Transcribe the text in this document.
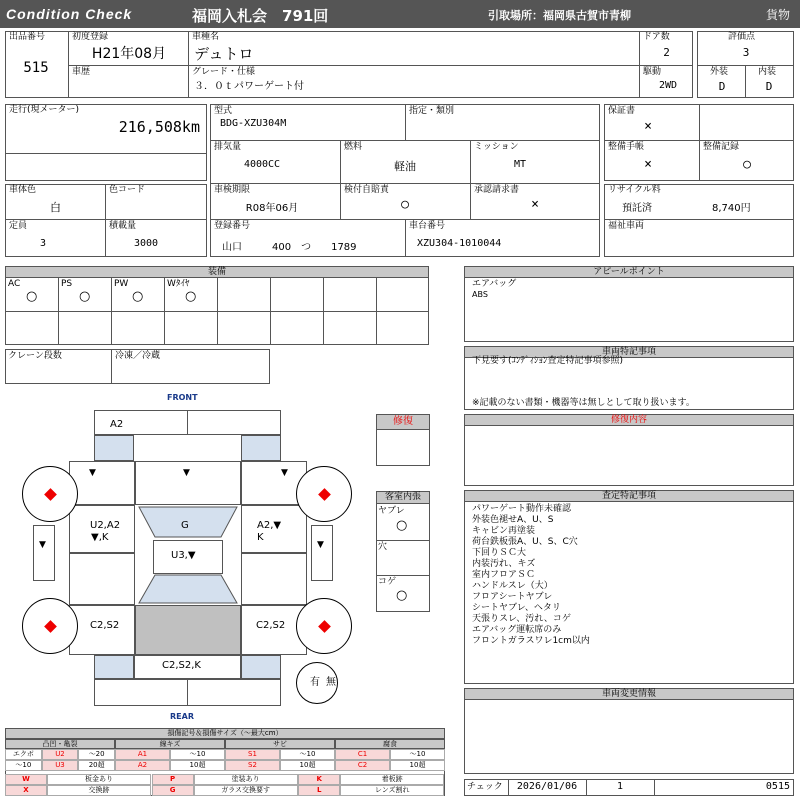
Condition Check	福岡入札会　791回	引取場所：福岡県古賀市青柳	貨物
出品番号
515
初度登録
H21年08月
車種名
デュトロ
ドア数
2
評価点
3
車歴	グレード・仕様
３．０ｔパワーゲート付
駆動
2WD
外装
D
内装
D
走行(現メーター)
216,508km
型式
BDG-XZU304M
指定・類別
排気量
4000CC
燃料
軽油
ミッション
MT
車検期限
R08年06月
検付自賠責
○
承認請求書
×
登録番号
山口　　　400　つ　　1789
車台番号
XZU304-1010044
車体色
白
色コード
定員
3
積載量
3000
保証書
×
整備手帳
×
整備記録
○
リサイクル料
預託済	8,740円
福祉車両
装備
AC
○
PS
○
PW
○
Wﾀｲﾔ
○
クレーン段数	冷凍／冷蔵
FRONT
REAR
A2
▼	▼	▼
U2,A2
▼,K
A2,▼
K
G
U3,▼
C2,S2	C2,S2
C2,S2,K
▼	▼
有 無
修復
客室内張
ヤブレ
○
穴
コゲ
○
アピールポイント
エアバッグ
ABS
車両特記事項
下見要す(ｺﾝﾃﾞｨｼｮﾝ査定特記事項参照)
※記載のない書類・機器等は無しとして取り扱います。
修復内容
査定特記事項
パワーゲート動作未確認
外装色褪せA、U、S
キャビン再塗装
荷台鉄板張A、U、S、C穴
下回りＳＣ大
内装汚れ、キズ
室内フロアＳＣ
ハンドルスレ（大）
フロアシートヤブレ
シートヤブレ、ヘタリ
天張りスレ、汚れ、コゲ
エアバッグ運転席のみ
フロントガラスワレ1cm以内
車両変更情報
チェック	2026/01/06	1	0515
損傷記号＆損傷サイズ（〜最大cm）
凸凹・亀裂
エクボ	U2	〜20
〜10	U3	20超
線キズ
A1	〜10
A2	10超
サビ
S1	〜10
S2	10超
腐食
C1	〜10
C2	10超
W	板金あり	P	塗装あり	K	着板跡
X	交換跡	G	ガラス交換要す	L	レンズ割れ
